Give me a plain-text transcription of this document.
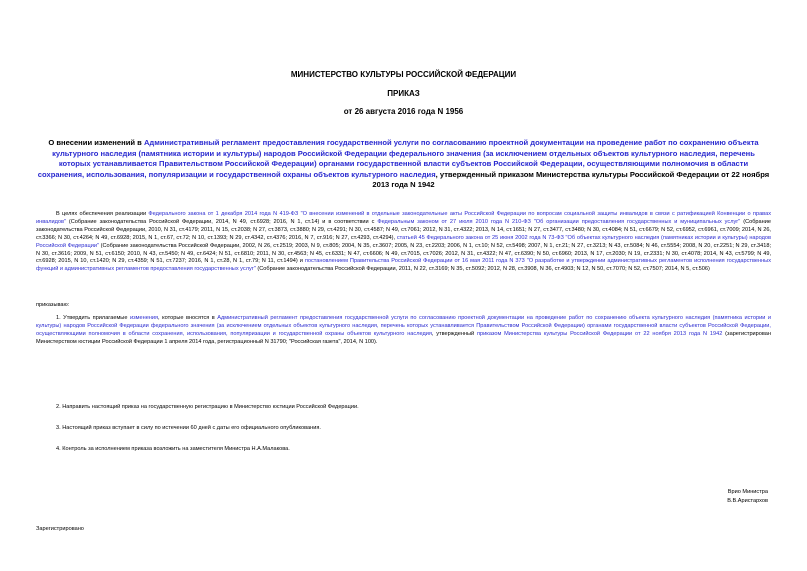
МИНИСТЕРСТВО КУЛЬТУРЫ РОССИЙСКОЙ ФЕДЕРАЦИИ
ПРИКАЗ
от 26 августа 2016 года N 1956
О внесении изменений в Административный регламент предоставления государственной услуги по согласованию проектной документации на проведение работ по сохранению объекта культурного наследия (памятника истории и культуры) народов Российской Федерации федерального значения (за исключением отдельных объектов культурного наследия, перечень которых устанавливается Правительством Российской Федерации) органами государственной власти субъектов Российской Федерации, осуществляющими полномочия в области сохранения, использования, популяризации и государственной охраны объектов культурного наследия, утвержденный приказом Министерства культуры Российской Федерации от 22 ноября 2013 года N 1942
В целях обеспечения реализации Федерального закона от 1 декабря 2014 года N 419-ФЗ "О внесении изменений в отдельные законодательные акты Российской Федерации по вопросам социальной защиты инвалидов в связи с ратификацией Конвенции о правах инвалидов" (Собрание законодательства Российской Федерации, 2014, N 49, ст.6928; 2016, N 1, ст.14) и в соответствии с Федеральным законом от 27 июля 2010 года N 210-ФЗ "Об организации предоставления государственных и муниципальных услуг" (Собрание законодательства Российской Федерации, 2010, N 31, ст.4179; 2011, N 15, ст.2038; N 27, ст.3873, ст.3880; N 29, ст.4291; N 30, ст.4587; N 49, ст.7061; 2012, N 31, ст.4322; 2013, N 14, ст.1651; N 27, ст.3477, ст.3480; N 30, ст.4084; N 51, ст.6679; N 52, ст.6952, ст.6961, ст.7009; 2014, N 26, ст.3366; N 30, ст.4264; N 49, ст.6928; 2015, N 1, ст.67, ст.72; N 10, ст.1393; N 29, ст.4342, ст.4376; 2016, N 7, ст.916; N 27, ст.4293, ст.4294), статьей 45 Федерального закона от 25 июня 2002 года N 73-ФЗ "Об объектах культурного наследия (памятниках истории и культуры) народов Российской Федерации" (Собрание законодательства Российской Федерации, 2002, N 26, ст.2519; 2003, N 9, ст.805; 2004, N 35, ст.3607; 2005, N 23, ст.2203; 2006, N 1, ст.10; N 52, ст.5498; 2007, N 1, ст.21; N 27, ст.3213; N 43, ст.5084; N 46, ст.5554; 2008, N 20, ст.2251; N 29, ст.3418; N 30, ст.3616; 2009, N 51, ст.6150; 2010, N 43, ст.5450; N 49, ст.6424; N 51, ст.6810; 2011, N 30, ст.4563; N 45, ст.6331; N 47, ст.6606; N 49, ст.7015, ст.7026; 2012, N 31, ст.4322; N 47, ст.6390; N 50, ст.6960; 2013, N 17, ст.2030; N 19, ст.2331; N 30, ст.4078; 2014, N 43, ст.5799; N 49, ст.6928; 2015, N 10, ст.1420; N 29, ст.4359; N 51, ст.7237; 2016, N 1, ст.28, N 1, ст.79; N 11, ст.1494) и постановлением Правительства Российской Федерации от 16 мая 2011 года N 373 "О разработке и утверждении административных регламентов исполнения государственных функций и административных регламентов предоставления государственных услуг" (Собрание законодательства Российской Федерации, 2011, N 22, ст.3169; N 35, ст.5092; 2012, N 28, ст.3908, N 36, ст.4903; N 12, N 50, ст.7070; N 52, ст.7507; 2014, N 5, ст.506)
приказываю:
1. Утвердить прилагаемые изменения, которые вносятся в Административный регламент предоставления государственной услуги по согласованию проектной документации на проведение работ по сохранению объекта культурного наследия (памятника истории и культуры) народов Российской Федерации федерального значения (за исключением отдельных объектов культурного наследия, перечень которых устанавливается Правительством Российской Федерации) органами государственной власти субъектов Российской Федерации, осуществляющими полномочия в области сохранения, использования, популяризации и государственной охраны объектов культурного наследия, утвержденный приказом Министерства культуры Российской Федерации от 22 ноября 2013 года N 1942 (зарегистрирован Министерством юстиции Российской Федерации 1 апреля 2014 года, регистрационный N 31790; "Российская газета", 2014, N 100).
2. Направить настоящий приказ на государственную регистрацию в Министерство юстиции Российской Федерации.
3. Настоящий приказ вступает в силу по истечении 60 дней с даты его официального опубликования.
4. Контроль за исполнением приказа возложить на заместителя Министра Н.А.Малакова.
Врио Министра
В.В.Аристархов
Зарегистрировано
